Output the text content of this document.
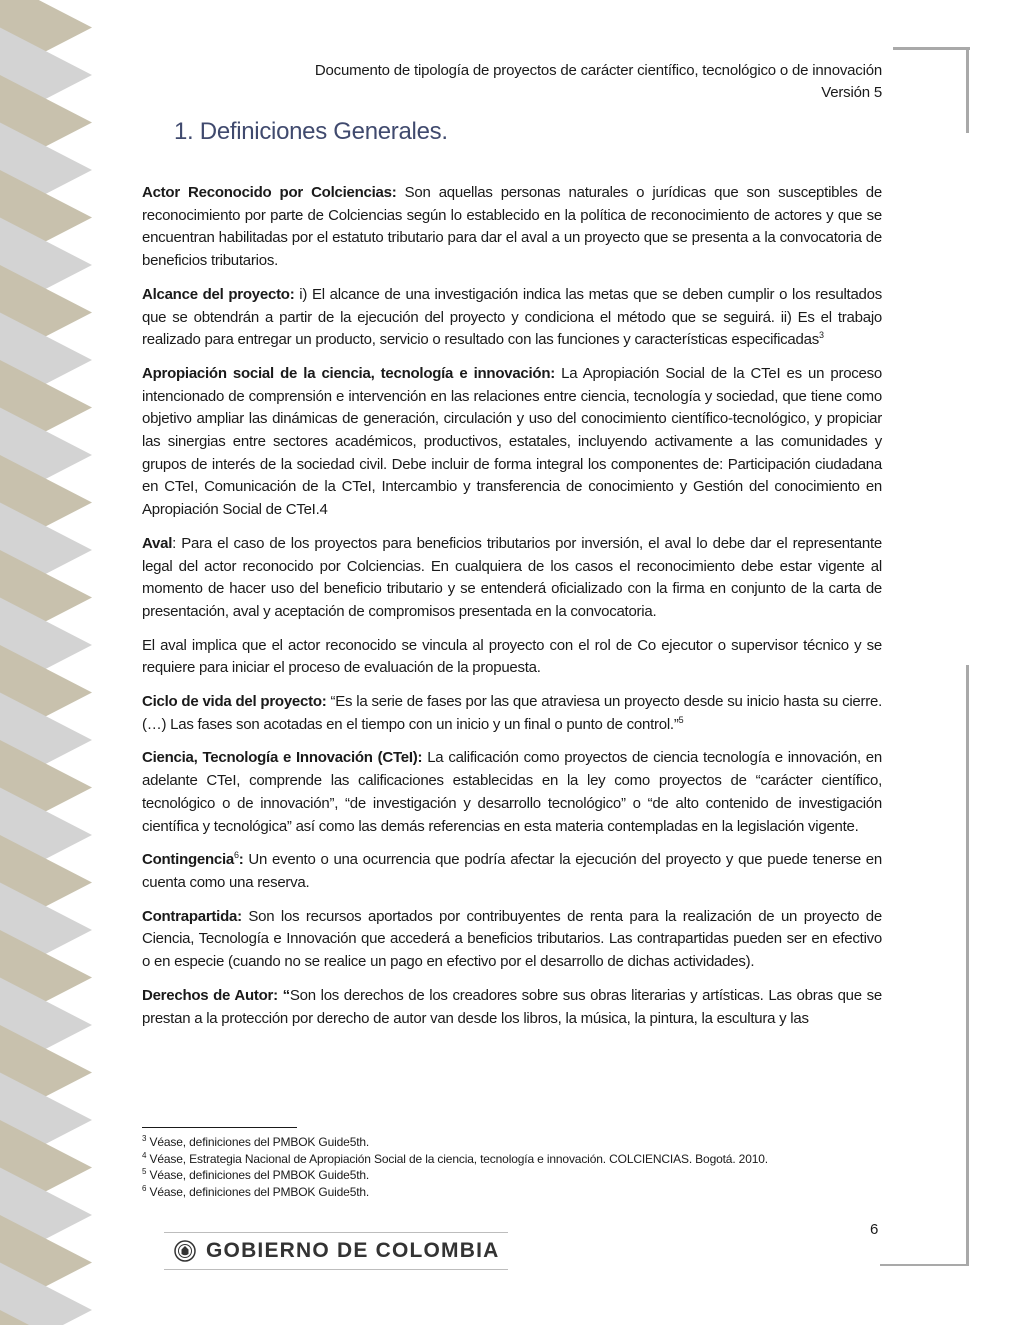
Documento de tipología de proyectos de carácter científico, tecnológico o de innovación
Versión 5
1. Definiciones Generales.

Actor Reconocido por Colciencias: Son aquellas personas naturales o jurídicas que son susceptibles de reconocimiento por parte de Colciencias según lo establecido en la política de reconocimiento de actores y que se encuentran habilitadas por el estatuto tributario para dar el aval a un proyecto que se presenta a la convocatoria de beneficios tributarios.

Alcance del proyecto: i) El alcance de una investigación indica las metas que se deben cumplir o los resultados que se obtendrán a partir de la ejecución del proyecto y condiciona el método que se seguirá. ii) Es el trabajo realizado para entregar un producto, servicio o resultado con las funciones y características especificadas$^3$

Apropiación social de la ciencia, tecnología e innovación: La Apropiación Social de la CTeI es un proceso intencionado de comprensión e intervención en las relaciones entre ciencia, tecnología y sociedad, que tiene como objetivo ampliar las dinámicas de generación, circulación y uso del conocimiento científico-tecnológico, y propiciar las sinergias entre sectores académicos, productivos, estatales, incluyendo activamente a las comunidades y grupos de interés de la sociedad civil. Debe incluir de forma integral los componentes de: Participación ciudadana en CTeI, Comunicación de la CTeI, Intercambio y transferencia de conocimiento y Gestión del conocimiento en Apropiación Social de CTeI.4

Aval: Para el caso de los proyectos para beneficios tributarios por inversión, el aval lo debe dar el representante legal del actor reconocido por Colciencias. En cualquiera de los casos el reconocimiento debe estar vigente al momento de hacer uso del beneficio tributario y se entenderá oficializado con la firma en conjunto de la carta de presentación, aval y aceptación de compromisos presentada en la convocatoria.

El aval implica que el actor reconocido se vincula al proyecto con el rol de Co ejecutor o supervisor técnico y se requiere para iniciar el proceso de evaluación de la propuesta.

Ciclo de vida del proyecto: “Es la serie de fases por las que atraviesa un proyecto desde su inicio hasta su cierre. (…) Las fases son acotadas en el tiempo con un inicio y un final o punto de control.”$^5$

Ciencia, Tecnología e Innovación (CTeI): La calificación como proyectos de ciencia tecnología e innovación, en adelante CTeI, comprende las calificaciones establecidas en la ley como proyectos de “carácter científico, tecnológico o de innovación”, “de investigación y desarrollo tecnológico” o “de alto contenido de investigación científica y tecnológica” así como las demás referencias en esta materia contempladas en la legislación vigente.

Contingencia$^6$: Un evento o una ocurrencia que podría afectar la ejecución del proyecto y que puede tenerse en cuenta como una reserva.

Contrapartida: Son los recursos aportados por contribuyentes de renta para la realización de un proyecto de Ciencia, Tecnología e Innovación que accederá a beneficios tributarios. Las contrapartidas pueden ser en efectivo o en especie (cuando no se realice un pago en efectivo por el desarrollo de dichas actividades).

Derechos de Autor: “Son los derechos de los creadores sobre sus obras literarias y artísticas. Las obras que se prestan a la protección por derecho de autor van desde los libros, la música, la pintura, la escultura y las

$^3$ Véase, definiciones del PMBOK Guide5th.
$^4$ Véase, Estrategia Nacional de Apropiación Social de la ciencia, tecnología e innovación. COLCIENCIAS. Bogotá. 2010.
$^5$ Véase, definiciones del PMBOK Guide5th.
$^6$ Véase, definiciones del PMBOK Guide5th.
6
GOBIERNO DE COLOMBIA
